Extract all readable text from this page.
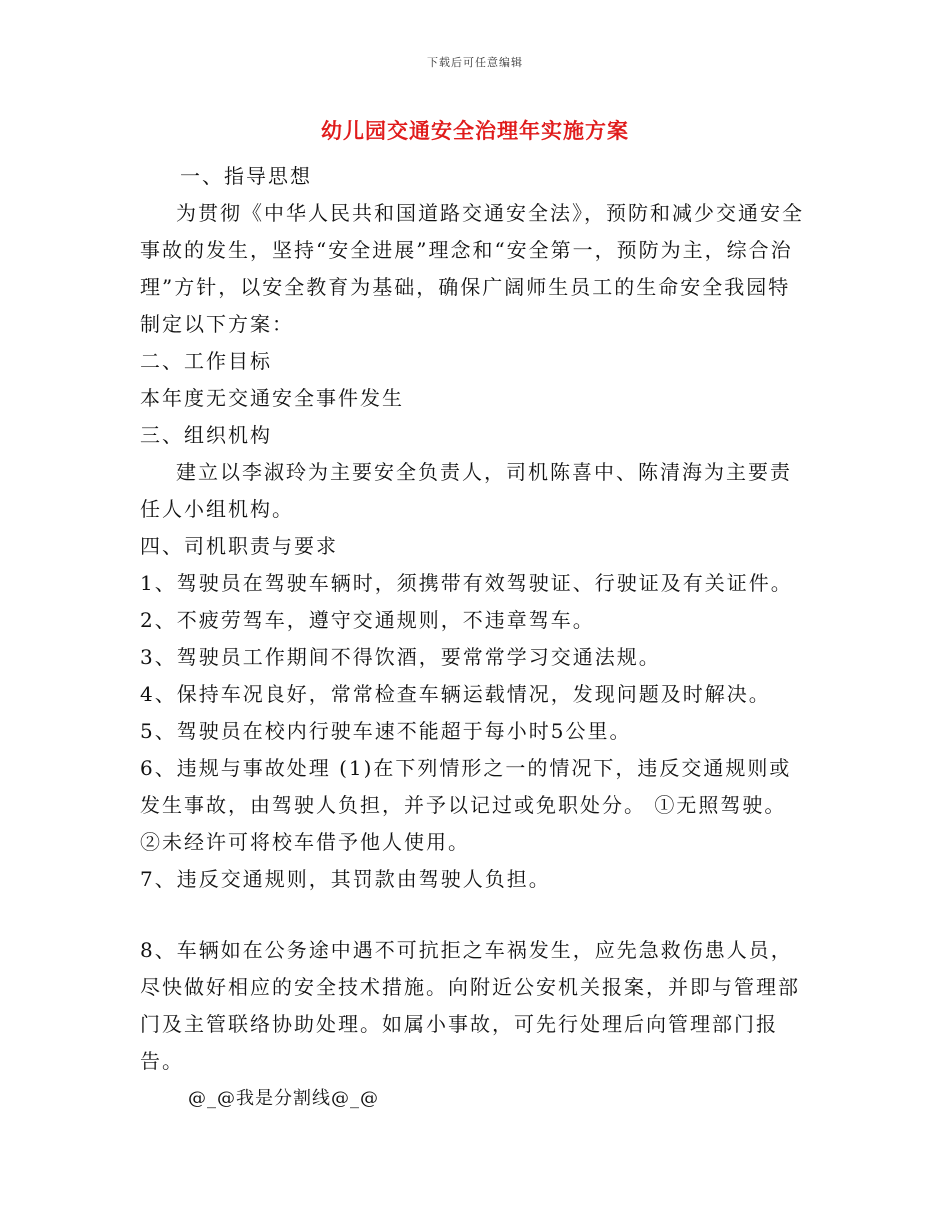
下载后可任意编辑
幼儿园交通安全治理年实施方案

一、指导思想

为贯彻《中华人民共和国道路交通安全法》，预防和减少交通安全事故的发生，坚持“安全进展”理念和“安全第一，预防为主，综合治理”方针，以安全教育为基础，确保广阔师生员工的生命安全我园特制定以下方案：

二、工作目标

本年度无交通安全事件发生

三、组织机构

建立以李淑玲为主要安全负责人，司机陈喜中、陈清海为主要责任人小组机构。

四、司机职责与要求

1、驾驶员在驾驶车辆时，须携带有效驾驶证、行驶证及有关证件。

2、不疲劳驾车，遵守交通规则，不违章驾车。

3、驾驶员工作期间不得饮酒，要常常学习交通法规。

4、保持车况良好，常常检查车辆运载情况，发现问题及时解决。

5、驾驶员在校内行驶车速不能超于每小时5公里。

6、违规与事故处理 (1)在下列情形之一的情况下，违反交通规则或发生事故，由驾驶人负担，并予以记过或免职处分。 ①无照驾驶。 ②未经许可将校车借予他人使用。

7、违反交通规则，其罚款由驾驶人负担。

8、车辆如在公务途中遇不可抗拒之车祸发生，应先急救伤患人员，尽快做好相应的安全技术措施。向附近公安机关报案，并即与管理部门及主管联络协助处理。如属小事故，可先行处理后向管理部门报告。

@_@我是分割线@_@
